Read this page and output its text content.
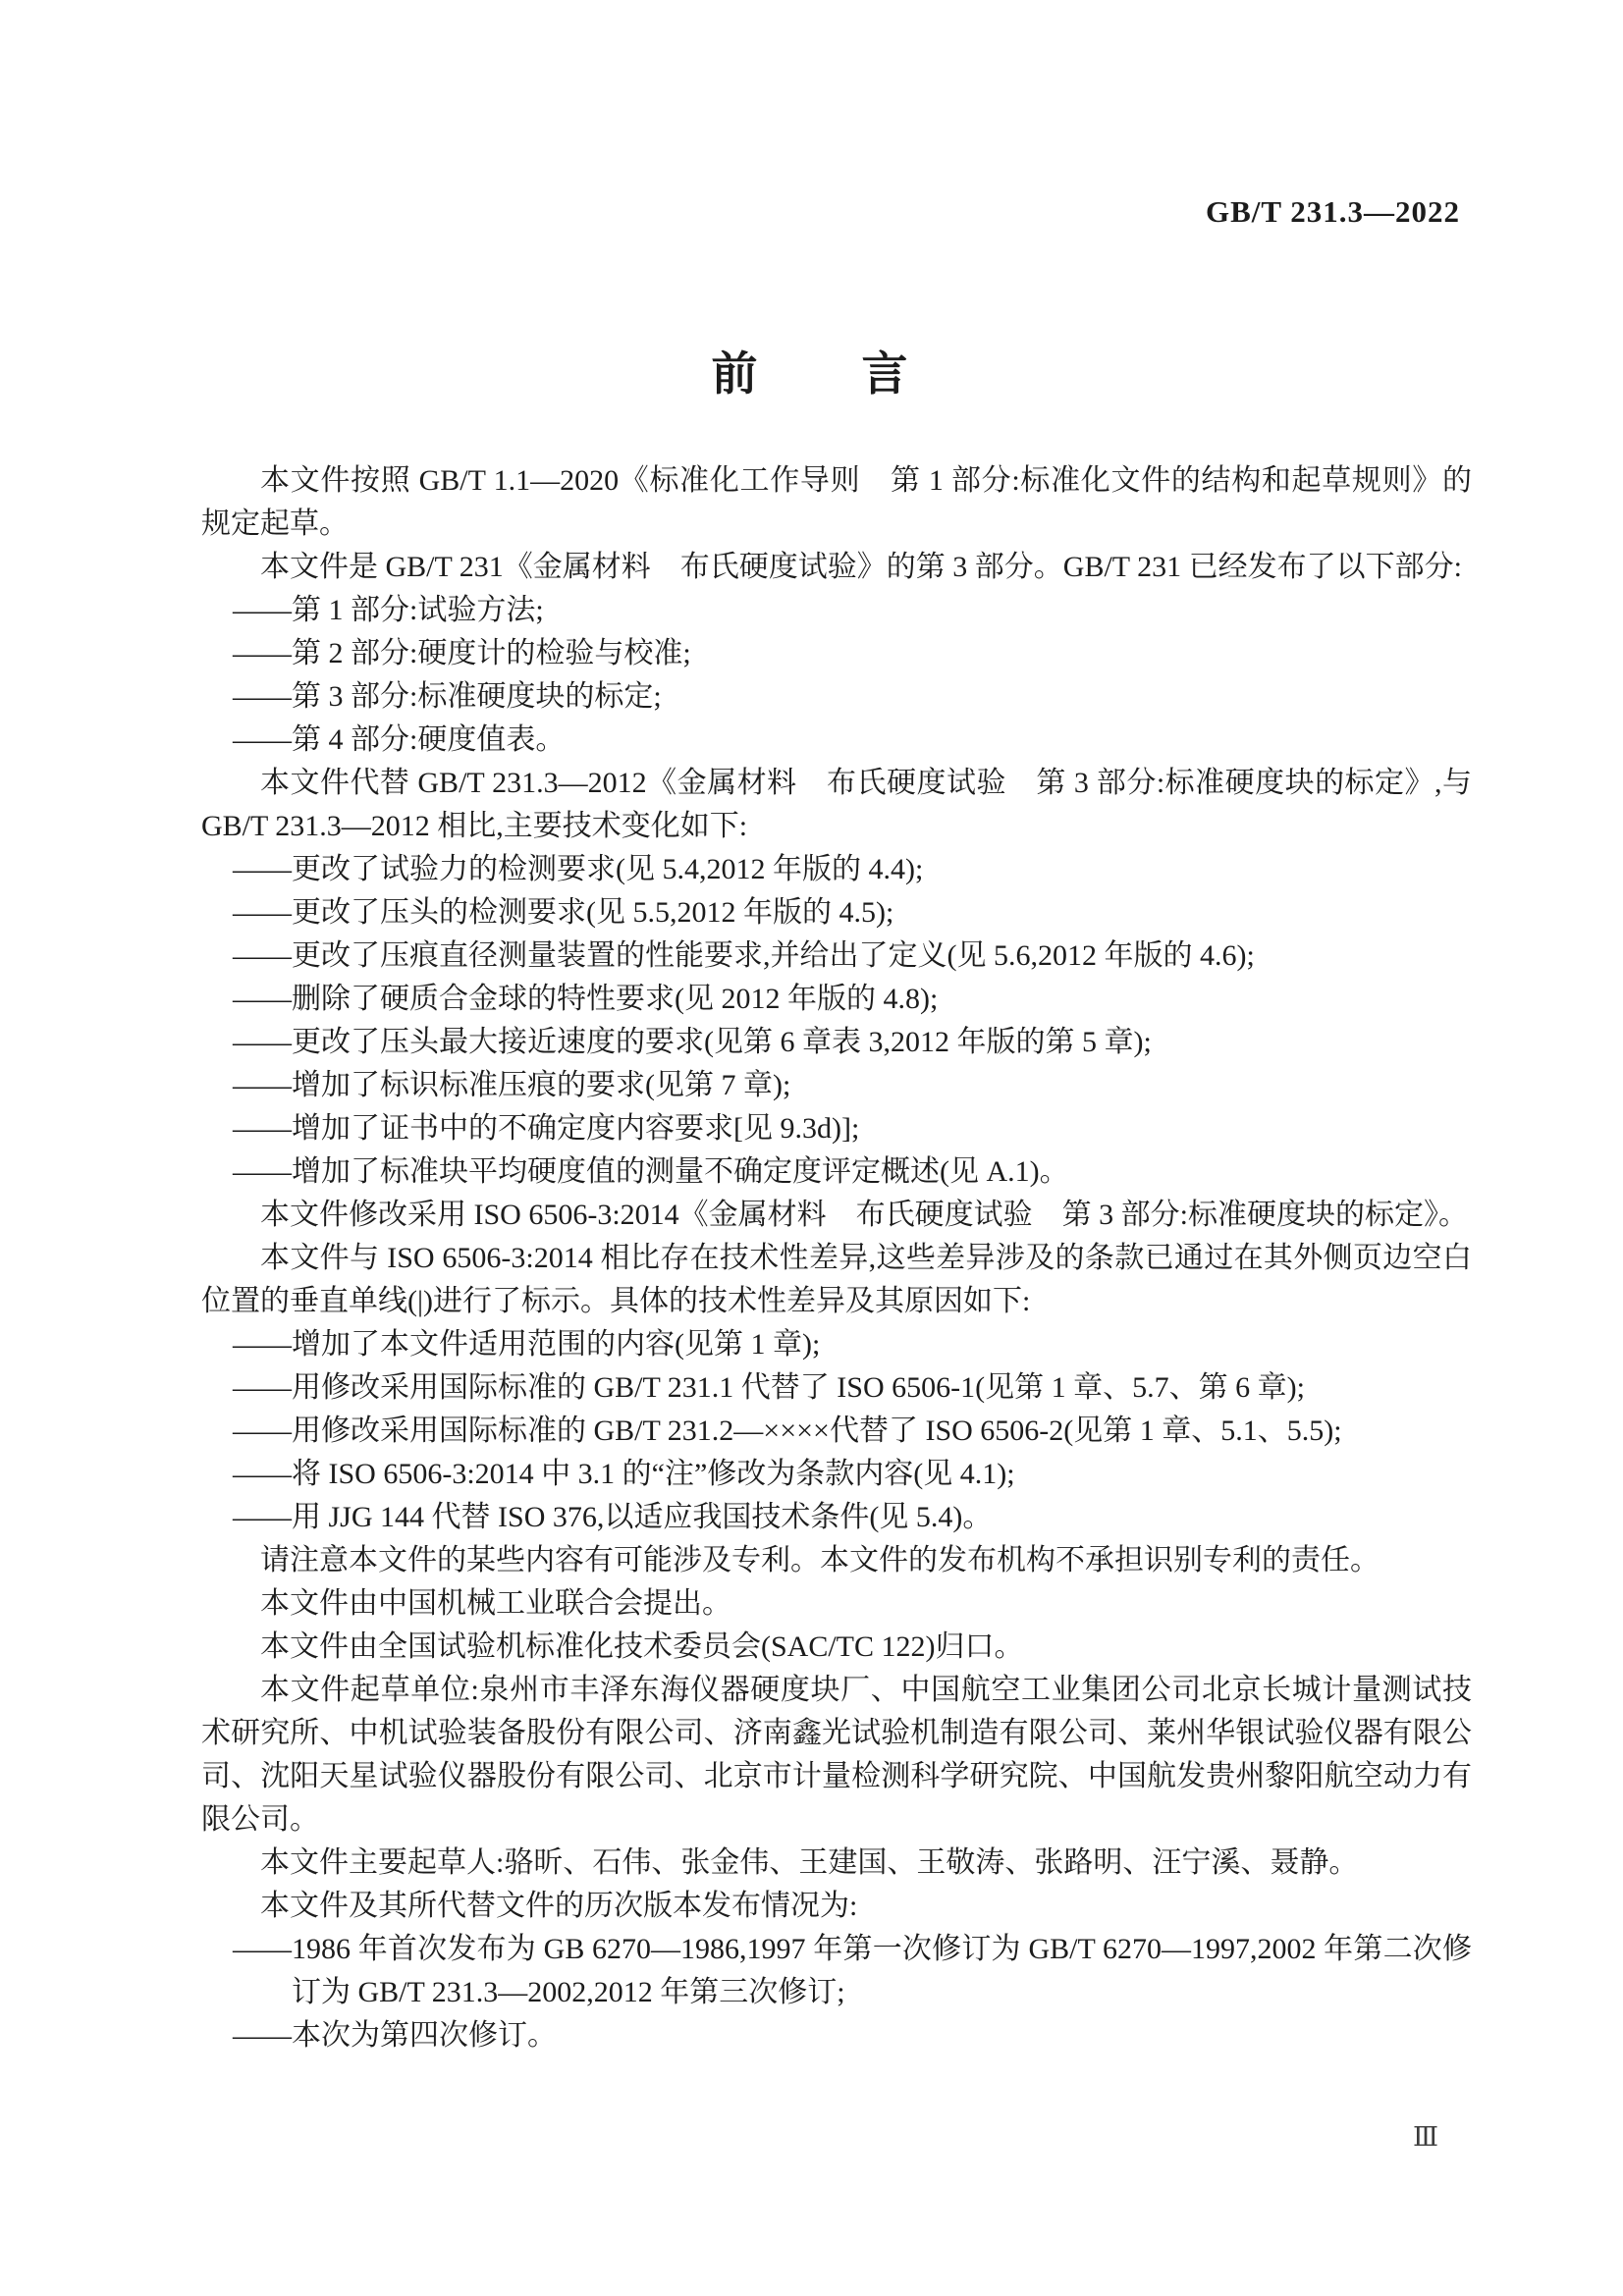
GB/T 231.3—2022
前　　言

本文件按照 GB/T 1.1—2020《标准化工作导则　第 1 部分:标准化文件的结构和起草规则》的规定起草。

本文件是 GB/T 231《金属材料　布氏硬度试验》的第 3 部分。GB/T 231 已经发布了以下部分:

——第 1 部分:试验方法;

——第 2 部分:硬度计的检验与校准;

——第 3 部分:标准硬度块的标定;

——第 4 部分:硬度值表。

本文件代替 GB/T 231.3—2012《金属材料　布氏硬度试验　第 3 部分:标准硬度块的标定》,与 GB/T 231.3—2012 相比,主要技术变化如下:

——更改了试验力的检测要求(见 5.4,2012 年版的 4.4);

——更改了压头的检测要求(见 5.5,2012 年版的 4.5);

——更改了压痕直径测量装置的性能要求,并给出了定义(见 5.6,2012 年版的 4.6);

——删除了硬质合金球的特性要求(见 2012 年版的 4.8);

——更改了压头最大接近速度的要求(见第 6 章表 3,2012 年版的第 5 章);

——增加了标识标准压痕的要求(见第 7 章);

——增加了证书中的不确定度内容要求[见 9.3d)];

——增加了标准块平均硬度值的测量不确定度评定概述(见 A.1)。

本文件修改采用 ISO 6506-3:2014《金属材料　布氏硬度试验　第 3 部分:标准硬度块的标定》。

本文件与 ISO 6506-3:2014 相比存在技术性差异,这些差异涉及的条款已通过在其外侧页边空白位置的垂直单线(|)进行了标示。具体的技术性差异及其原因如下:

——增加了本文件适用范围的内容(见第 1 章);

——用修改采用国际标准的 GB/T 231.1 代替了 ISO 6506-1(见第 1 章、5.7、第 6 章);

——用修改采用国际标准的 GB/T 231.2—××××代替了 ISO 6506-2(见第 1 章、5.1、5.5);

——将 ISO 6506-3:2014 中 3.1 的“注”修改为条款内容(见 4.1);

——用 JJG 144 代替 ISO 376,以适应我国技术条件(见 5.4)。

请注意本文件的某些内容有可能涉及专利。本文件的发布机构不承担识别专利的责任。

本文件由中国机械工业联合会提出。

本文件由全国试验机标准化技术委员会(SAC/TC 122)归口。

本文件起草单位:泉州市丰泽东海仪器硬度块厂、中国航空工业集团公司北京长城计量测试技术研究所、中机试验装备股份有限公司、济南鑫光试验机制造有限公司、莱州华银试验仪器有限公司、沈阳天星试验仪器股份有限公司、北京市计量检测科学研究院、中国航发贵州黎阳航空动力有限公司。

本文件主要起草人:骆昕、石伟、张金伟、王建国、王敬涛、张路明、汪宁溪、聂静。

本文件及其所代替文件的历次版本发布情况为:

——1986 年首次发布为 GB 6270—1986,1997 年第一次修订为 GB/T 6270—1997,2002 年第二次修订为 GB/T 231.3—2002,2012 年第三次修订;

——本次为第四次修订。

Ⅲ
